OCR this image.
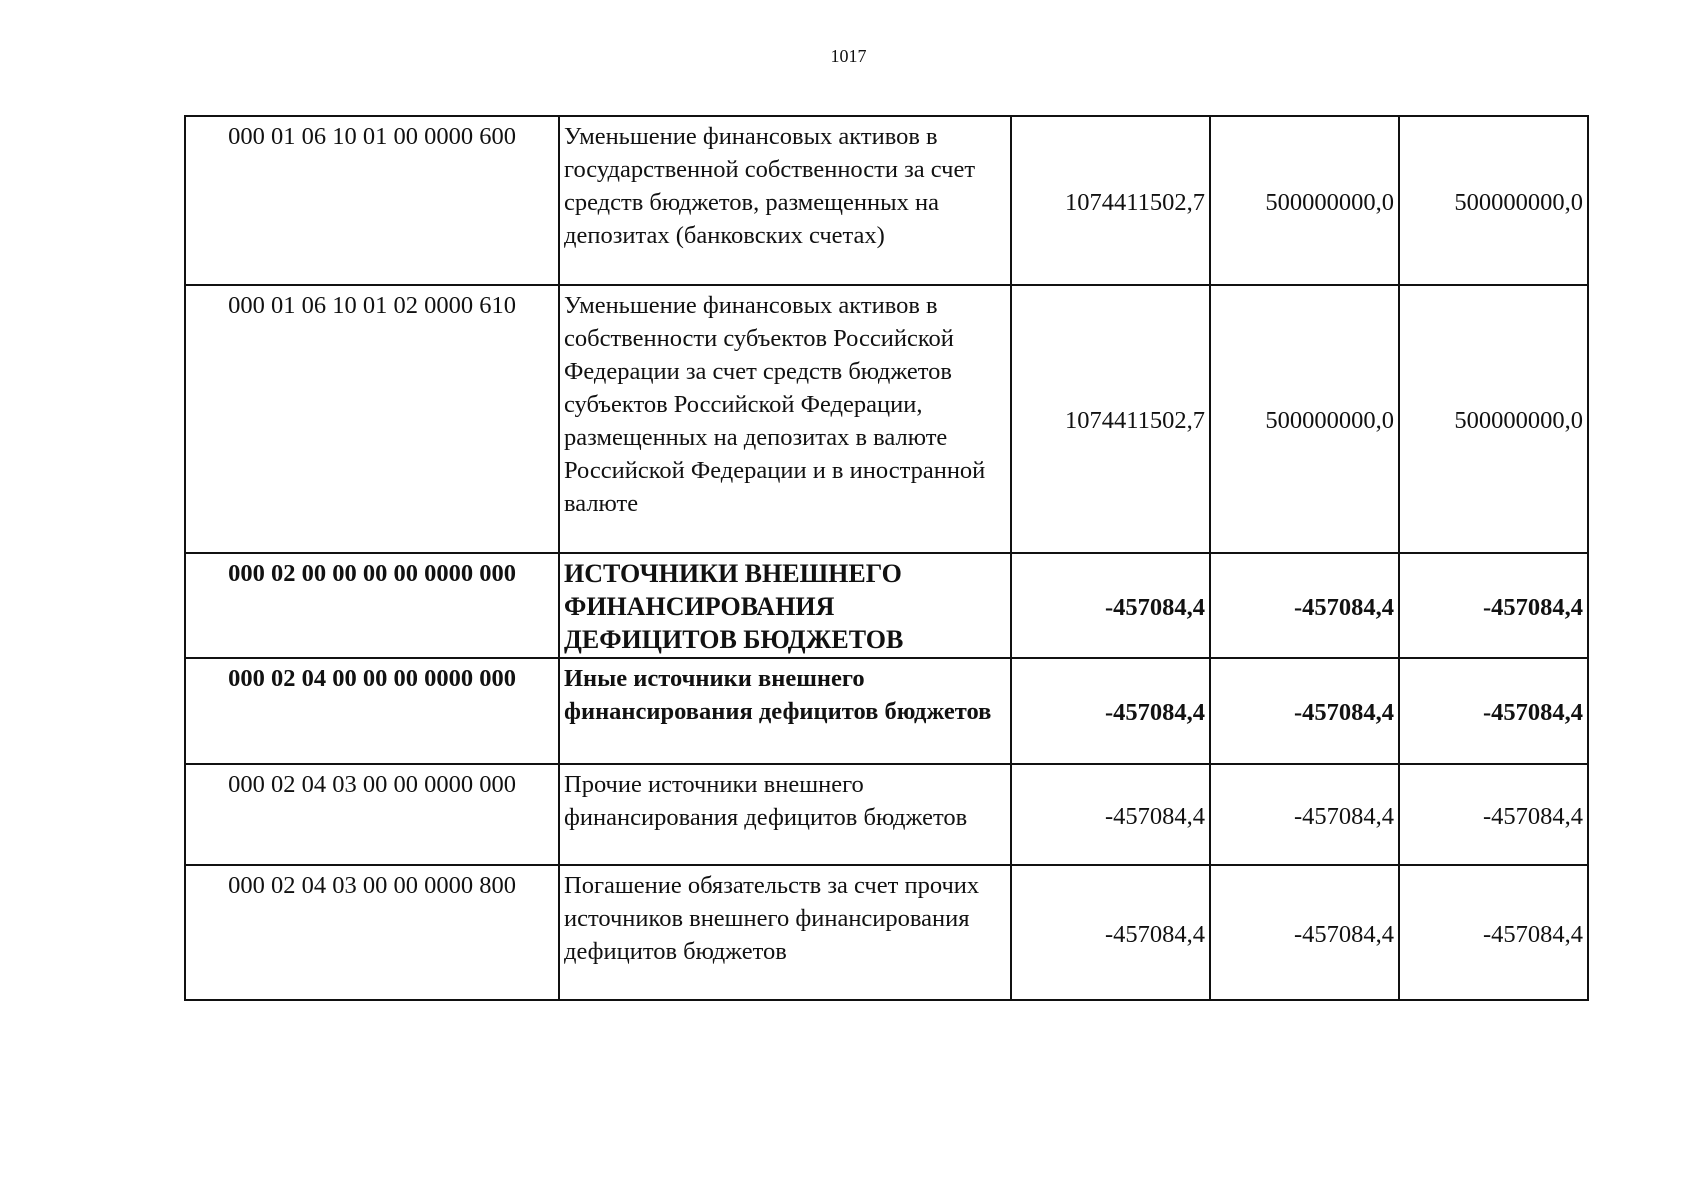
1017
000 01 06 10 01 00 0000 600	Уменьшение финансовых активов в государственной собственности за счет средств бюджетов, размещенных на депозитах (банковских счетах)	1074411502,7	500000000,0	500000000,0
000 01 06 10 01 02 0000 610	Уменьшение финансовых активов в собственности субъектов Российской Федерации за счет средств бюджетов субъектов Российской Федерации, размещенных на депозитах в валюте Российской Федерации и в иностранной валюте	1074411502,7	500000000,0	500000000,0
000 02 00 00 00 00 0000 000	ИСТОЧНИКИ ВНЕШНЕГО ФИНАНСИРОВАНИЯ ДЕФИЦИТОВ БЮДЖЕТОВ	-457084,4	-457084,4	-457084,4
000 02 04 00 00 00 0000 000	Иные источники внешнего финансирования дефицитов бюджетов	-457084,4	-457084,4	-457084,4
000 02 04 03 00 00 0000 000	Прочие источники внешнего финансирования дефицитов бюджетов	-457084,4	-457084,4	-457084,4
000 02 04 03 00 00 0000 800	Погашение обязательств за счет прочих источников внешнего финансирования дефицитов бюджетов	-457084,4	-457084,4	-457084,4
